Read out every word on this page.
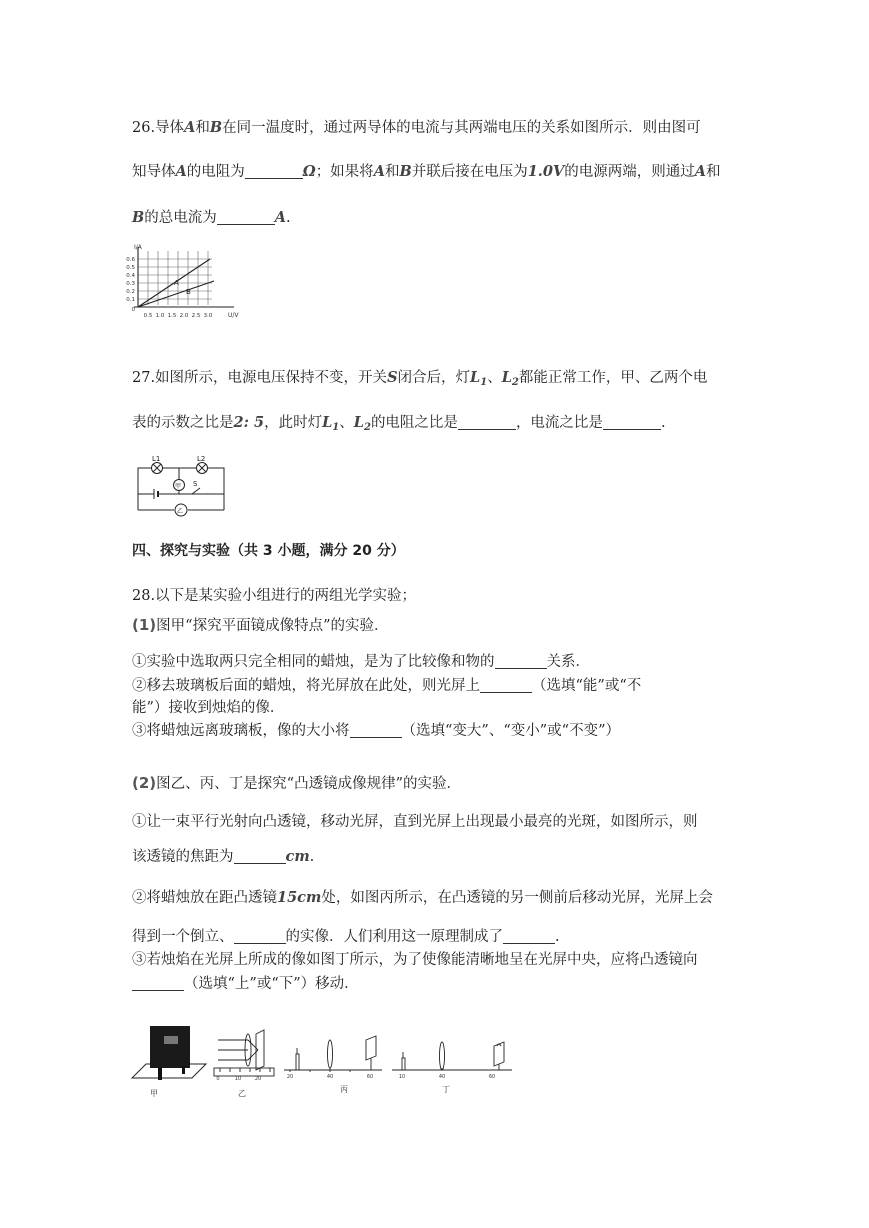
26.导体A和B在同一温度时，通过两导体的电流与其两端电压的关系如图所示．则由图可
知导体A的电阻为	Ω；如果将A和B并联后接在电压为1.0V的电源两端，则通过A和
B的总电流为	A.
I/A
0.6
0.5
0.4
0.3
0.2
0.1
0
0.5 1.0 1.5 2.0 2.5 3.0	U/V
A
B
27.如图所示，电源电压保持不变，开关S闭合后，灯$L_1$、$L_2$都能正常工作，甲、乙两个电
表的示数之比是2: 5，此时灯$L_1$、$L_2$的电阻之比是	，电流之比是	.
L1	L2
S
甲
乙
四、探究与实验（共 3 小题，满分 20 分）
28.以下是某实验小组进行的两组光学实验；
(1)图甲“探究平面镜成像特点”的实验．
①实验中选取两只完全相同的蜡烛，是为了比较像和物的	关系．
②移去玻璃板后面的蜡烛，将光屏放在此处，则光屏上	（选填“能”或“不
能”）接收到烛焰的像．
③将蜡烛远离玻璃板，像的大小将	（选填“变大”、“变小”或“不变”）
(2)图乙、丙、丁是探究“凸透镜成像规律”的实验．
①让一束平行光射向凸透镜，移动光屏，直到光屏上出现最小最亮的光斑，如图所示，则
该透镜的焦距为	cm.
②将蜡烛放在距凸透镜15cm处，如图丙所示，在凸透镜的另一侧前后移动光屏，光屏上会
得到一个倒立、	的实像．人们利用这一原理制成了	.
③若烛焰在光屏上所成的像如图丁所示，为了使像能清晰地呈在光屏中央，应将凸透镜向
（选填“上”或“下”）移动．
0	10	20	20	40	60	10	40	60
甲	乙	丙	丁
